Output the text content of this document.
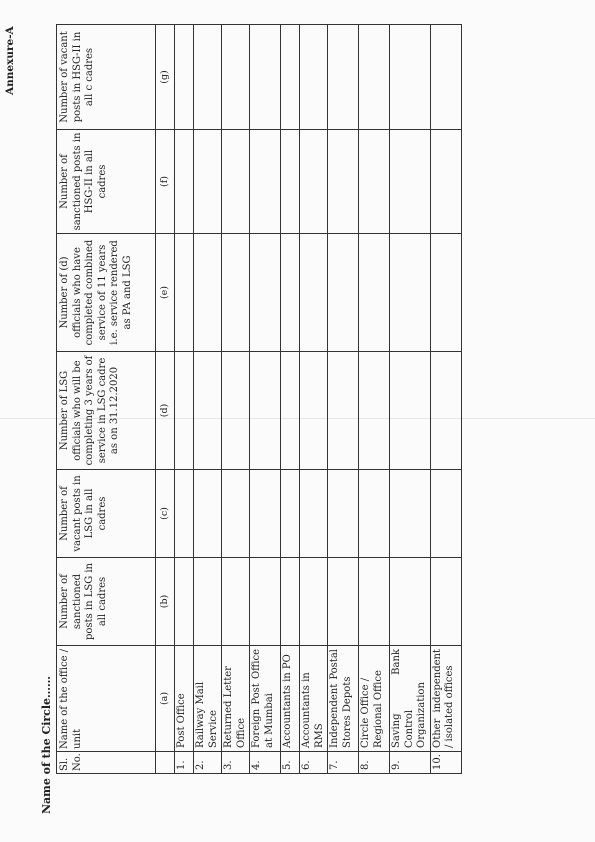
Annexure-A
Name of the Circle…… Sl. No.	Name of the office / unit	Number of sanctioned posts in LSG in all cadres	Number of vacant posts in LSG in all cadres	Number of LSG officials who will be completing 3 years of service in LSG cadre as on 31.12.2020	Number of (d) officials who have completed combined service of 11 years i.e. service rendered as PA and LSG	Number of sanctioned posts in HSG-II in all cadres	Number of vacant posts in HSG-II in all c cadres
	(a)	(b)	(c)	(d)	(e)	(f)	(g)
1.	Post Office						
2.	Railway Mail Service						
3.	Returned Letter Office						
4.	Foreign Post Office at Mumbai						
5.	Accountants in PO						
6.	Accountants in RMS						
7.	Independent Postal Stores Depots						
8.	Circle Office / Regional Office						
9.	Saving Bank Control Organization						
10.	Other independent / isolated offices						
